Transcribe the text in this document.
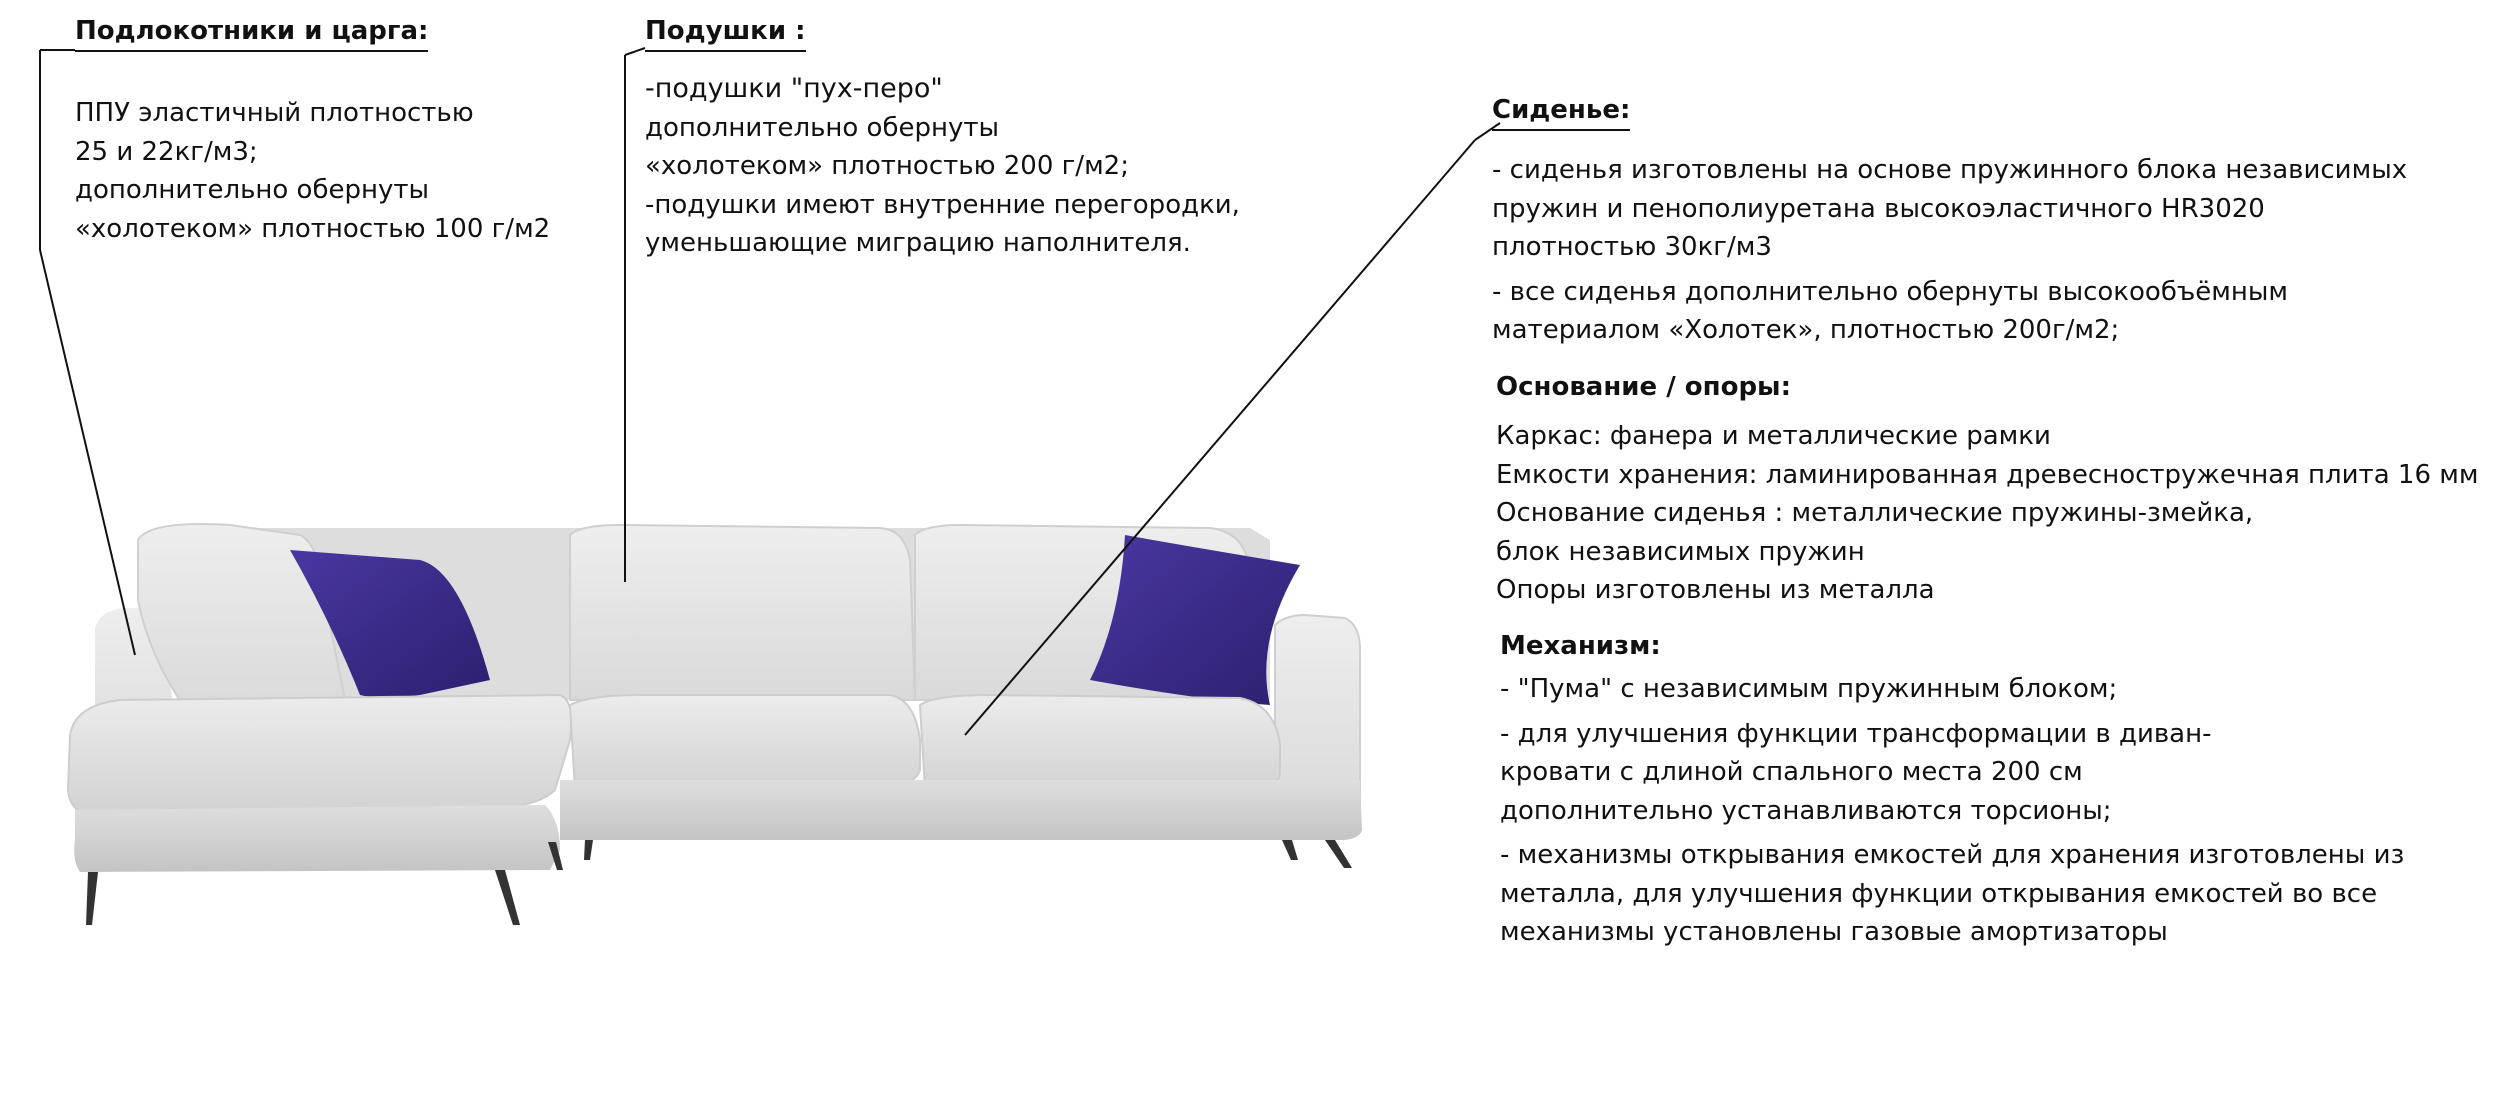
Подлокотники и царга:
ППУ эластичный плотностью
25 и 22кг/м3;
дополнительно обернуты
«холотеком» плотностью 100 г/м2
Подушки :
-подушки "пух-перо"
дополнительно обернуты
«холотеком» плотностью 200 г/м2;
-подушки имеют внутренние перегородки,
уменьшающие миграцию наполнителя.
Сиденье:
- сиденья изготовлены на основе пружинного блока независимых
пружин и пенополиуретана высокоэластичного HR3020
плотностью 30кг/м3
- все сиденья дополнительно обернуты высокообъёмным
материалом «Холотек», плотностью 200г/м2;
Основание / опоры:
Каркас: фанера и металлические рамки
Емкости хранения: ламинированная древесностружечная плита 16 мм
Основание сиденья : металлические пружины-змейка,
блок независимых пружин
Опоры изготовлены из металла
Механизм:
- "Пума" с независимым пружинным блоком;
- для улучшения функции трансформации в диван-
кровати с длиной спального места 200 см
дополнительно устанавливаются торсионы;
- механизмы открывания емкостей для хранения изготовлены из
металла, для улучшения функции открывания емкостей во все
механизмы установлены газовые амортизаторы
